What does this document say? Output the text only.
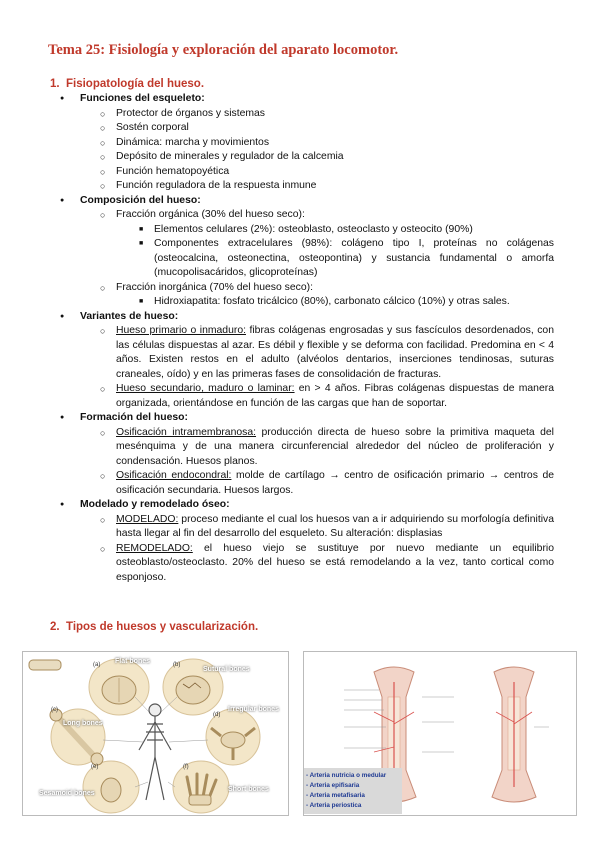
Tema 25: Fisiología y exploración del aparato locomotor.
1. Fisiopatología del hueso.
● Funciones del esqueleto:
○ Protector de órganos y sistemas
○ Sostén corporal
○ Dinámica: marcha y movimientos
○ Depósito de minerales y regulador de la calcemia
○ Función hematopoyética
○ Función reguladora de la respuesta inmune
● Composición del hueso:
○ Fracción orgánica (30% del hueso seco):
■ Elementos celulares (2%): osteoblasto, osteoclasto y osteocito (90%)
■ Componentes extracelulares (98%): colágeno tipo I, proteínas no colágenas (osteocalcina, osteonectina, osteopontina) y sustancia fundamental o amorfa (mucopolisacáridos, glicoproteínas)
○ Fracción inorgánica (70% del hueso seco):
■ Hidroxiapatita: fosfato tricálcico (80%), carbonato cálcico (10%) y otras sales.
● Variantes de hueso:
○ Hueso primario o inmaduro: fibras colágenas engrosadas y sus fascículos desordenados, con las células dispuestas al azar. Es débil y flexible y se deforma con facilidad. Predomina en < 4 años. Existen restos en el adulto (alvéolos dentarios, inserciones tendinosas, suturas craneales, oído) y en las primeras fases de consolidación de fracturas.
○ Hueso secundario, maduro o laminar: en > 4 años. Fibras colágenas dispuestas de manera organizada, orientándose en función de las cargas que han de soportar.
● Formación del hueso:
○ Osificación intramembranosa: producción directa de hueso sobre la primitiva maqueta del mesénquima y de una manera circunferencial alrededor del núcleo de proliferación y condensación. Huesos planos.
○ Osificación endocondral: molde de cartílago → centro de osificación primario → centros de osificación secundaria. Huesos largos.
● Modelado y remodelado óseo:
○ MODELADO: proceso mediante el cual los huesos van a ir adquiriendo su morfología definitiva hasta llegar al fin del desarrollo del esqueleto. Su alteración: displasias
○ REMODELADO: el hueso viejo se sustituye por nuevo mediante un equilibrio osteoblasto/osteoclasto. 20% del hueso se está remodelando a la vez, tanto cortical como esponjoso.
2. Tipos de huesos y vascularización.
(a) Flat bones	(b)
Sutural bones
(c)
Long bones
(d)
Irregular bones
(e)
Sesamoid bones
(f)
Short bones
- Arteria nutricia o medular
- Arteria epifisaria
- Arteria metafisaria
- Arteria periostica
